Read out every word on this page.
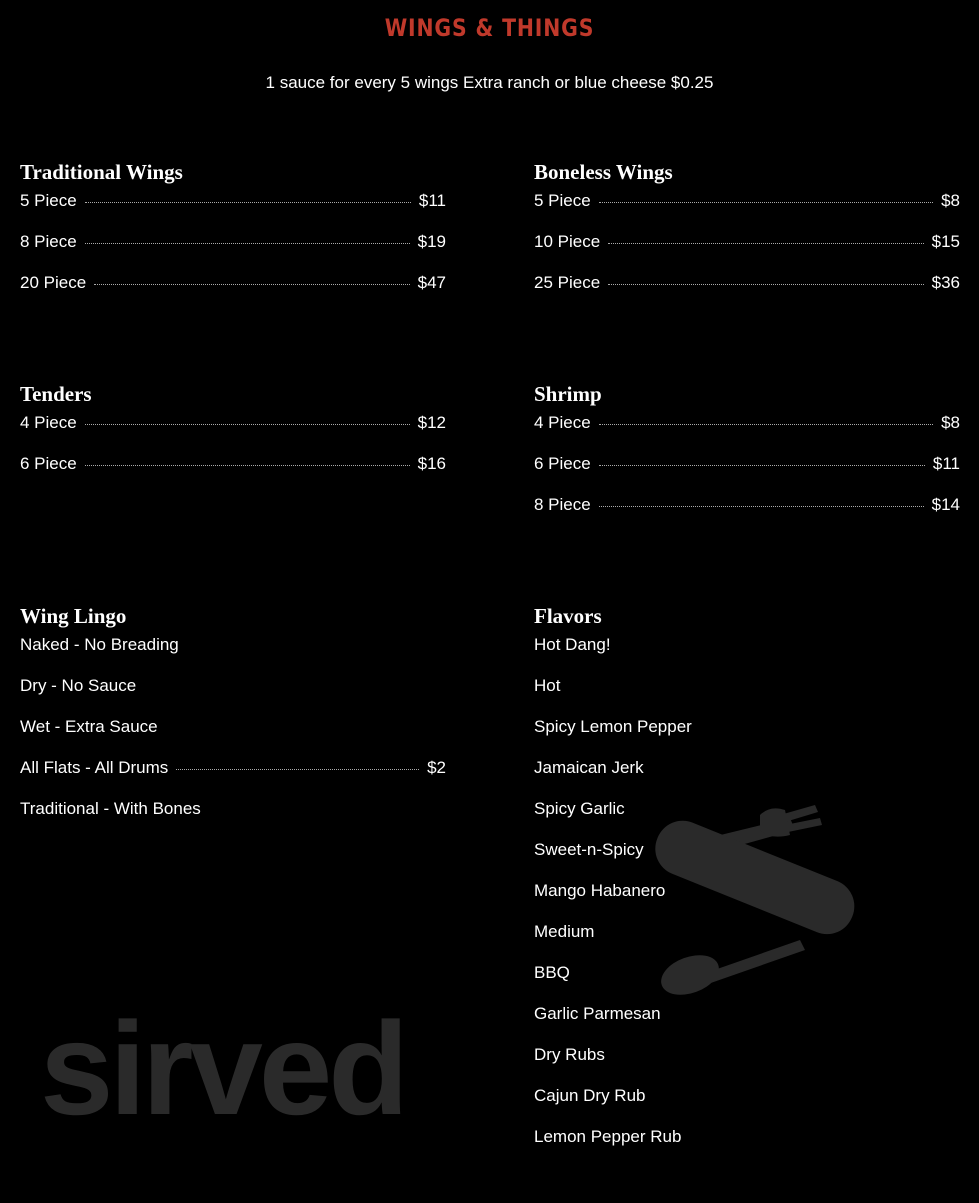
WINGS & THINGS
1 sauce for every 5 wings Extra ranch or blue cheese $0.25
sirved
Traditional Wings
5 Piece	$11
8 Piece	$19
20 Piece	$47
Boneless Wings
5 Piece	$8
10 Piece	$15
25 Piece	$36
Tenders
4 Piece	$12
6 Piece	$16
Shrimp
4 Piece	$8
6 Piece	$11
8 Piece	$14
Wing Lingo
Naked - No Breading
Dry - No Sauce
Wet - Extra Sauce
All Flats - All Drums	$2
Traditional - With Bones
Flavors
Hot Dang!
Hot
Spicy Lemon Pepper
Jamaican Jerk
Spicy Garlic
Sweet-n-Spicy
Mango Habanero
Medium
BBQ
Garlic Parmesan
Dry Rubs
Cajun Dry Rub
Lemon Pepper Rub
